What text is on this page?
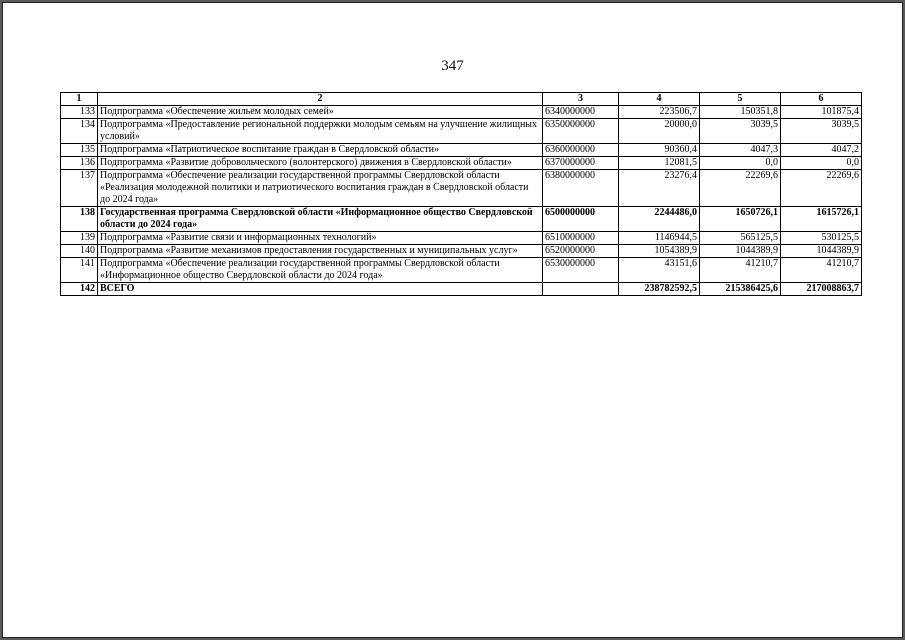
347
1	2	3	4	5	6
133	Подпрограмма «Обеспечение жильем молодых семей»	6340000000	223506,7	150351,8	101875,4
134	Подпрограмма «Предоставление региональной поддержки молодым семьям на улучшение жилищных условий»	6350000000	20000,0	3039,5	3039,5
135	Подпрограмма «Патриотическое воспитание граждан в Свердловской области»	6360000000	90360,4	4047,3	4047,2
136	Подпрограмма «Развитие добровольческого (волонтерского) движения в Свердловской области»	6370000000	12081,5	0,0	0,0
137	Подпрограмма «Обеспечение реализации государственной программы Свердловской области «Реализация молодежной политики и патриотического воспитания граждан в Свердловской области до 2024 года»	6380000000	23276,4	22269,6	22269,6
138	Государственная программа Свердловской области «Информационное общество Свердловской области до 2024 года»	6500000000	2244486,0	1650726,1	1615726,1
139	Подпрограмма «Развитие связи и информационных технологий»	6510000000	1146944,5	565125,5	530125,5
140	Подпрограмма «Развитие механизмов предоставления государственных и муниципальных услуг»	6520000000	1054389,9	1044389,9	1044389,9
141	Подпрограмма «Обеспечение реализации государственной программы Свердловской области «Информационное общество Свердловской области до 2024 года»	6530000000	43151,6	41210,7	41210,7
142	ВСЕГО		238782592,5	215386425,6	217008863,7
